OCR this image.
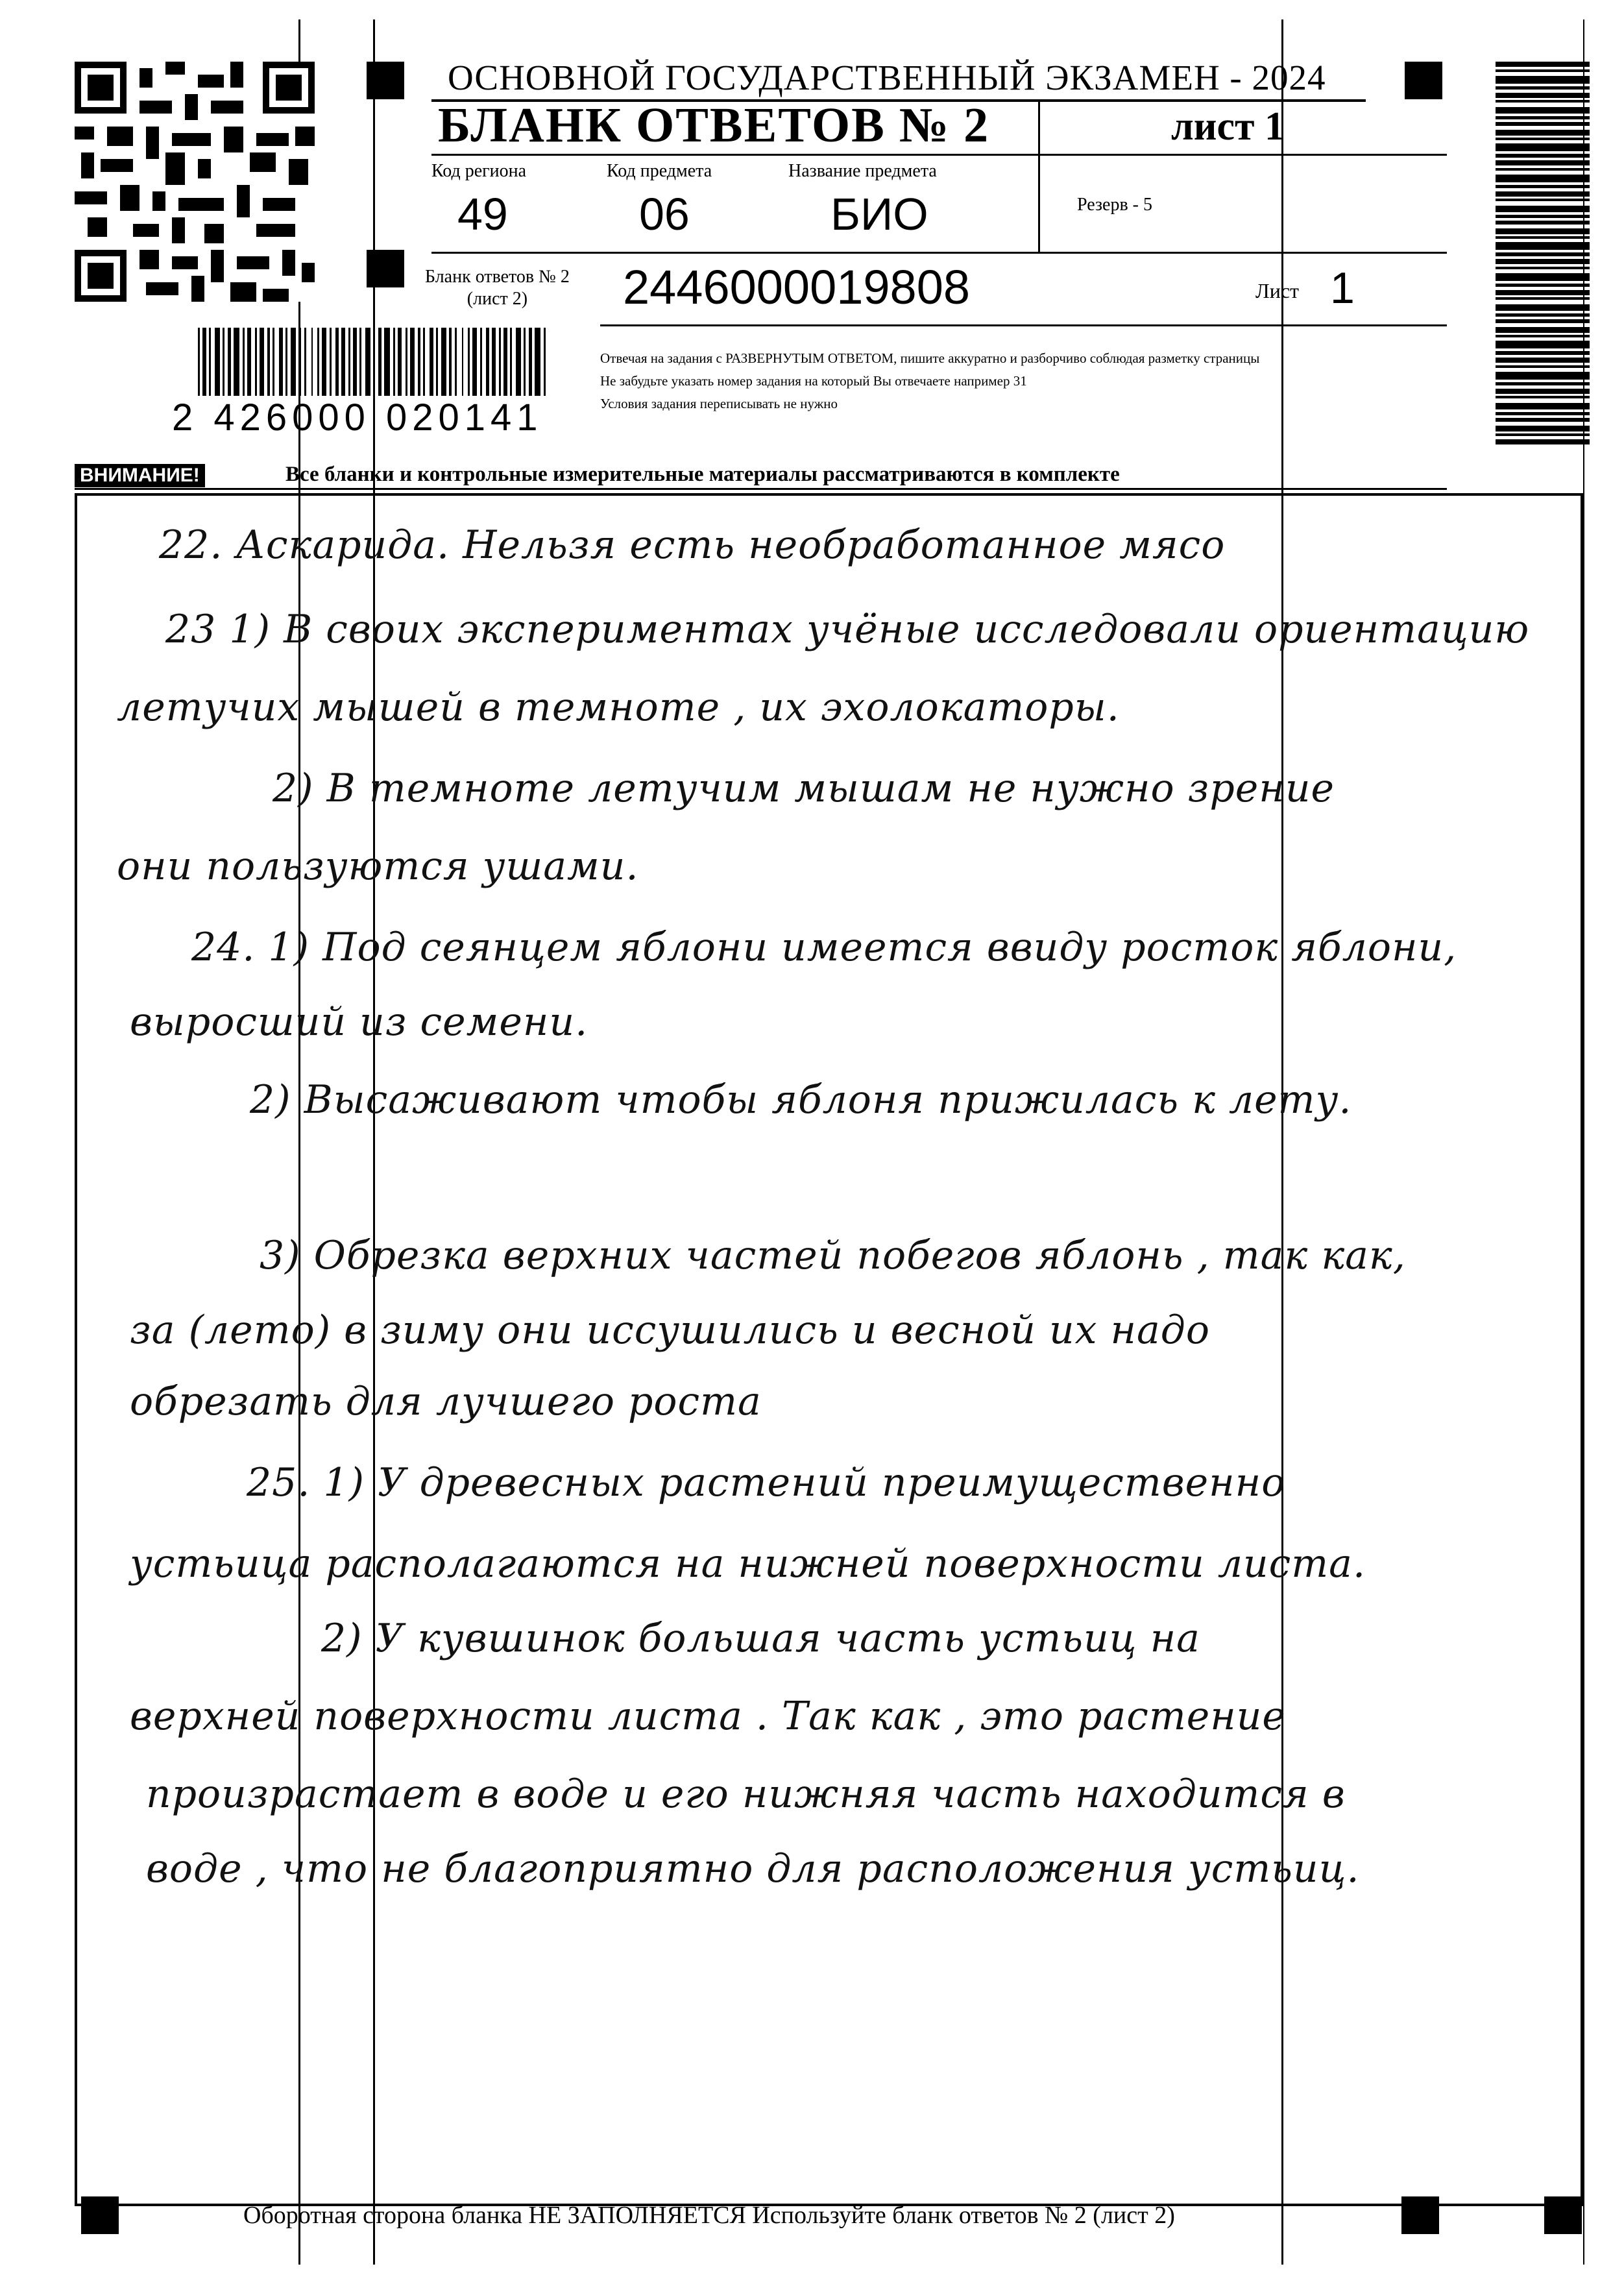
ОСНОВНОЙ ГОСУДАРСТВЕННЫЙ ЭКЗАМЕН - 2024
БЛАНК ОТВЕТОВ № 2	лист 1
Код региона
49
Код предмета
06
Название предмета
БИО	Резерв - 5
Бланк ответов № 2
(лист 2)	2446000019808	Лист 1
Отвечая на задания с РАЗВЕРНУТЫМ ОТВЕТОМ, пишите аккуратно и разборчиво соблюдая разметку страницы
Не забудьте указать номер задания на который Вы отвечаете например 31
Условия задания переписывать не нужно
2 426000 020141
ВНИМАНИЕ!	Все бланки и контрольные измерительные материалы рассматриваются в комплекте
22. Аскарида. Нельзя есть необработанное мясо
23 1) В своих экспериментах учёные исследовали ориентацию
летучих мышей в темноте , их эхолокаторы.
2) В темноте летучим мышам не нужно зрение
они пользуются ушами.
24. 1) Под сеянцем яблони имеется ввиду росток яблони,
выросший из семени.
2) Высаживают чтобы яблоня прижилась к лету.
3) Обрезка верхних частей побегов яблонь , так как,
за (лето) в зиму они иссушились и весной их надо
обрезать для лучшего роста
25. 1) У древесных растений преимущественно
устьица располагаются на нижней поверхности листа.
2) У кувшинок большая часть устьиц на
верхней поверхности листа . Так как , это растение
произрастает в воде и его нижняя часть находится в
воде , что не благоприятно для расположения устьиц.
Оборотная сторона бланка НЕ ЗАПОЛНЯЕТСЯ Используйте бланк ответов № 2 (лист 2)
